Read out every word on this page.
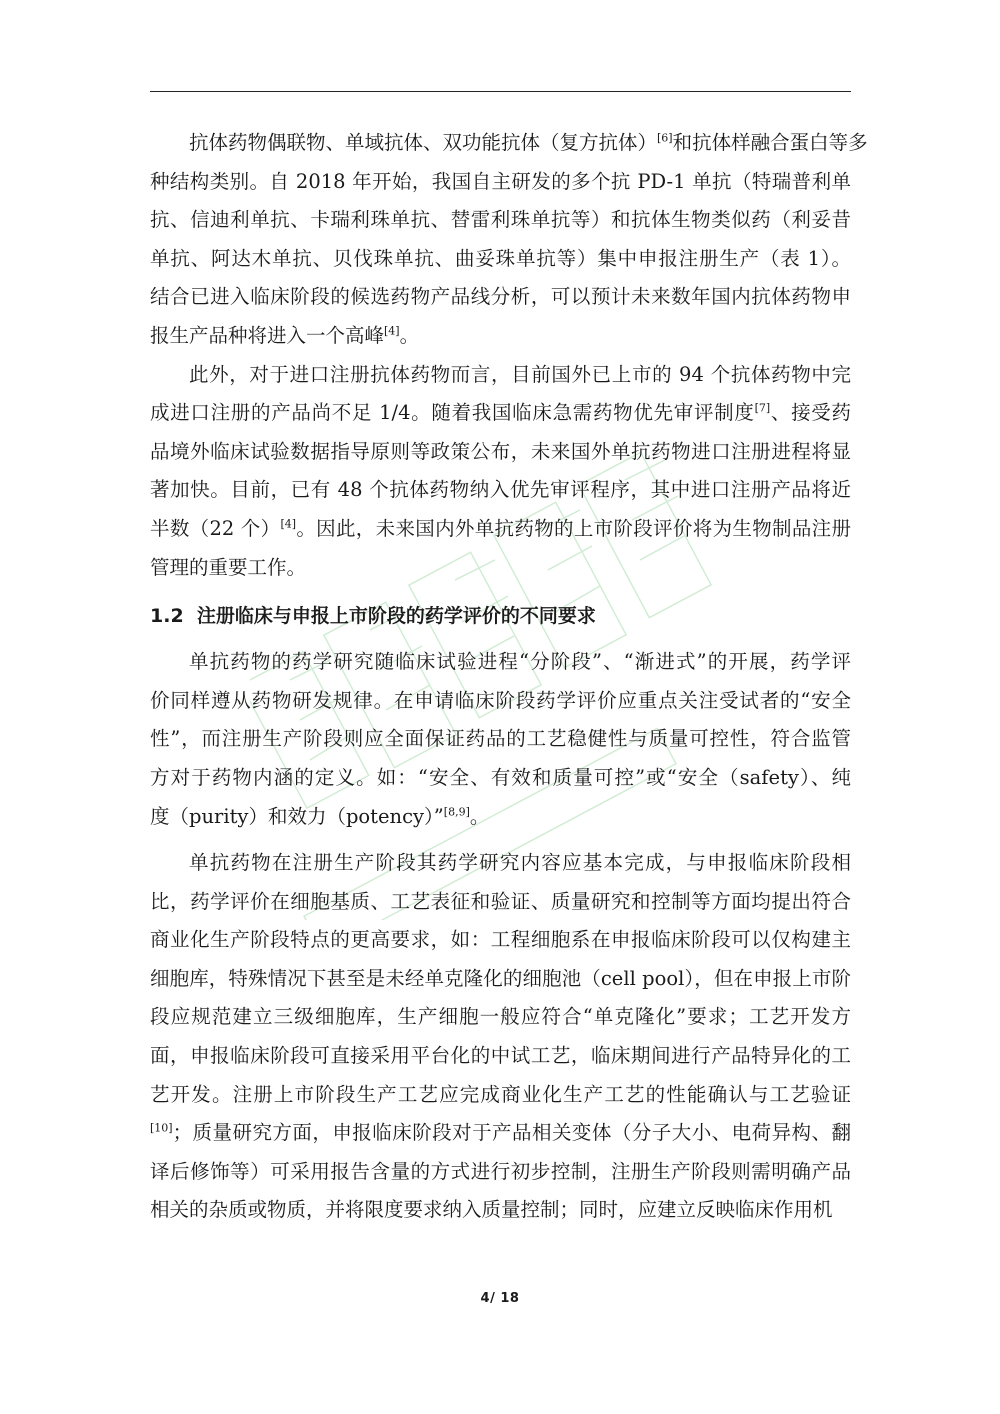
抗体药物偶联物、单域抗体、双功能抗体（复方抗体）[6]和抗体样融合蛋白等多
种结构类别。自 2018 年开始，我国自主研发的多个抗 PD-1 单抗（特瑞普利单
抗、信迪利单抗、卡瑞利珠单抗、替雷利珠单抗等）和抗体生物类似药（利妥昔
单抗、阿达木单抗、贝伐珠单抗、曲妥珠单抗等）集中申报注册生产（表 1）。
结合已进入临床阶段的候选药物产品线分析，可以预计未来数年国内抗体药物申
报生产品种将进入一个高峰[4]。
此外，对于进口注册抗体药物而言，目前国外已上市的 94 个抗体药物中完
成进口注册的产品尚不足 1/4。随着我国临床急需药物优先审评制度[7]、接受药
品境外临床试验数据指导原则等政策公布，未来国外单抗药物进口注册进程将显
著加快。目前，已有 48 个抗体药物纳入优先审评程序，其中进口注册产品将近
半数（22 个）[4]。因此，未来国内外单抗药物的上市阶段评价将为生物制品注册
管理的重要工作。
1.2 注册临床与申报上市阶段的药学评价的不同要求
单抗药物的药学研究随临床试验进程“分阶段”、“渐进式”的开展，药学评
价同样遵从药物研发规律。在申请临床阶段药学评价应重点关注受试者的“安全
性”，而注册生产阶段则应全面保证药品的工艺稳健性与质量可控性，符合监管
方对于药物内涵的定义。如：“安全、有效和质量可控”或“安全（safety）、纯
度（purity）和效力（potency）”[8,9]。
单抗药物在注册生产阶段其药学研究内容应基本完成，与申报临床阶段相
比，药学评价在细胞基质、工艺表征和验证、质量研究和控制等方面均提出符合
商业化生产阶段特点的更高要求，如：工程细胞系在申报临床阶段可以仅构建主
细胞库，特殊情况下甚至是未经单克隆化的细胞池（cell pool），但在申报上市阶
段应规范建立三级细胞库，生产细胞一般应符合“单克隆化”要求；工艺开发方
面，申报临床阶段可直接采用平台化的中试工艺，临床期间进行产品特异化的工
艺开发。注册上市阶段生产工艺应完成商业化生产工艺的性能确认与工艺验证
[10]；质量研究方面，申报临床阶段对于产品相关变体（分子大小、电荷异构、翻
译后修饰等）可采用报告含量的方式进行初步控制，注册生产阶段则需明确产品
相关的杂质或物质，并将限度要求纳入质量控制；同时，应建立反映临床作用机
4/ 18
